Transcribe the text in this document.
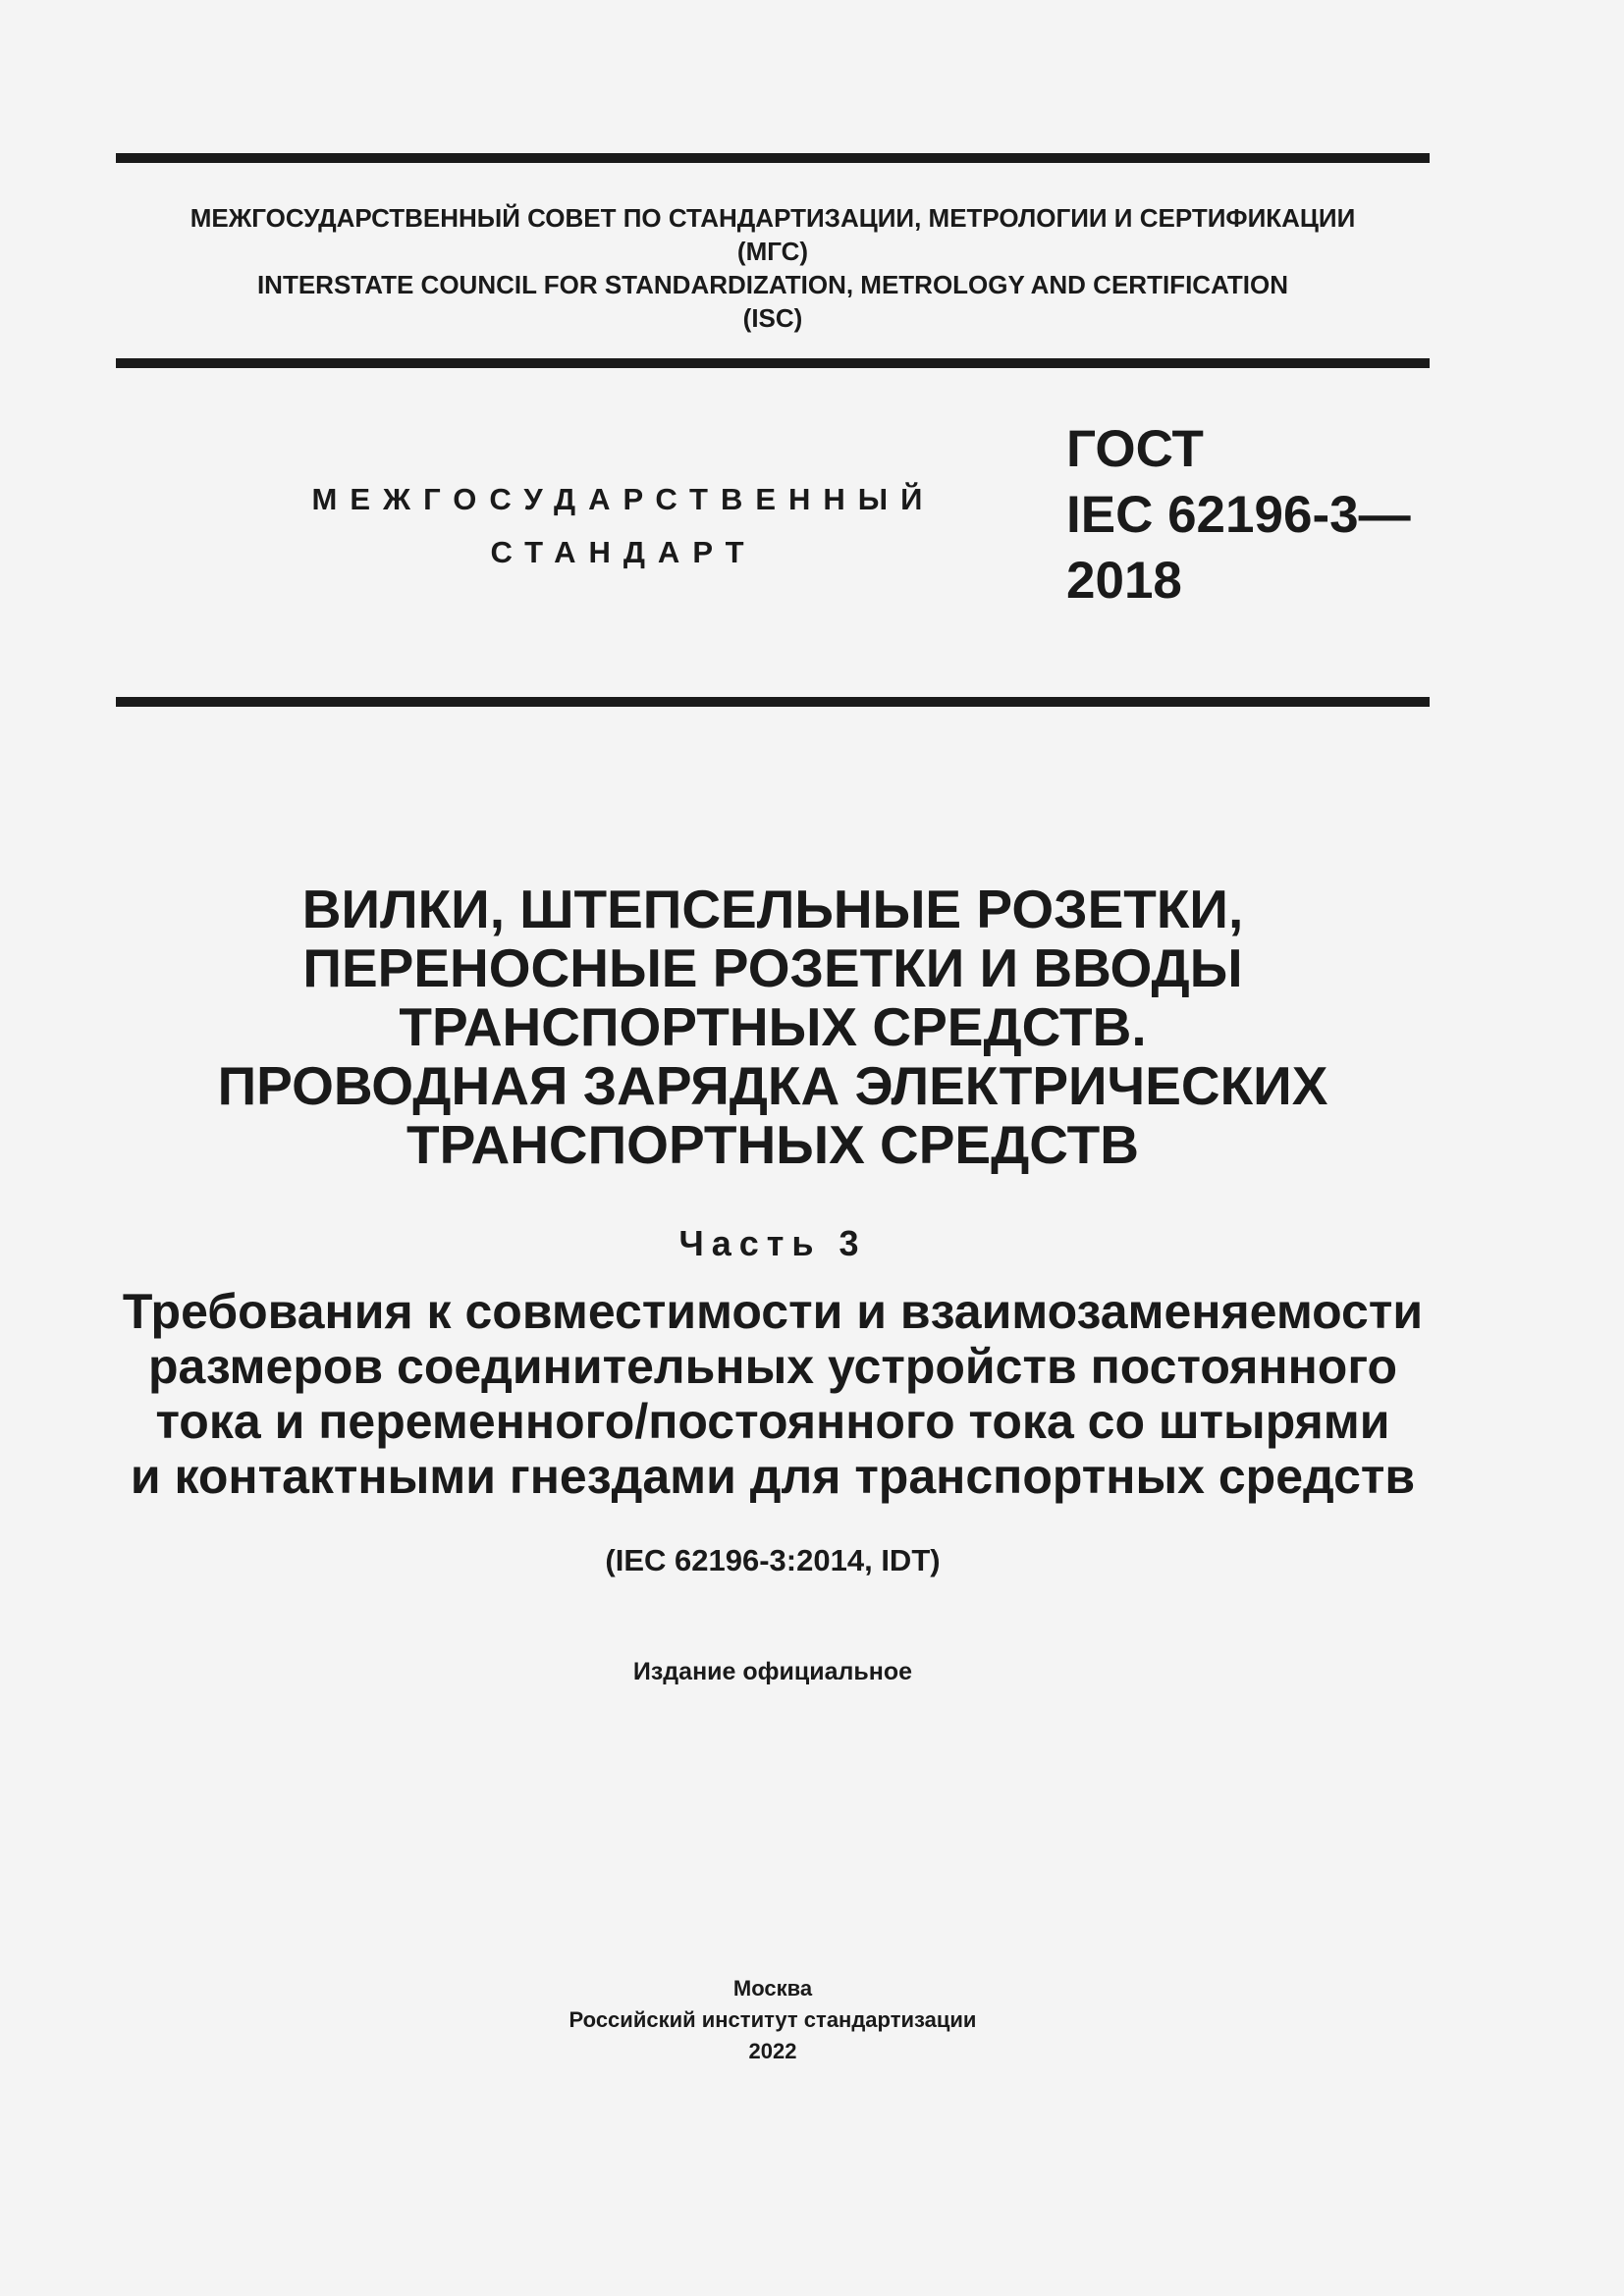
МЕЖГОСУДАРСТВЕННЫЙ СОВЕТ ПО СТАНДАРТИЗАЦИИ, МЕТРОЛОГИИ И СЕРТИФИКАЦИИ
(МГС)
INTERSTATE COUNCIL FOR STANDARDIZATION, METROLOGY AND CERTIFICATION
(ISC)
МЕЖГОСУДАРСТВЕННЫЙ
СТАНДАРТ
ГОСТ
IEC 62196-3—
2018
ВИЛКИ, ШТЕПСЕЛЬНЫЕ РОЗЕТКИ,
ПЕРЕНОСНЫЕ РОЗЕТКИ И ВВОДЫ
ТРАНСПОРТНЫХ СРЕДСТВ.
ПРОВОДНАЯ ЗАРЯДКА ЭЛЕКТРИЧЕСКИХ
ТРАНСПОРТНЫХ СРЕДСТВ
Часть 3
Требования к совместимости и взаимозаменяемости
размеров соединительных устройств постоянного
тока и переменного/постоянного тока со штырями
и контактными гнездами для транспортных средств
(IEC 62196-3:2014, IDT)
Издание официальное
Москва
Российский институт стандартизации
2022
